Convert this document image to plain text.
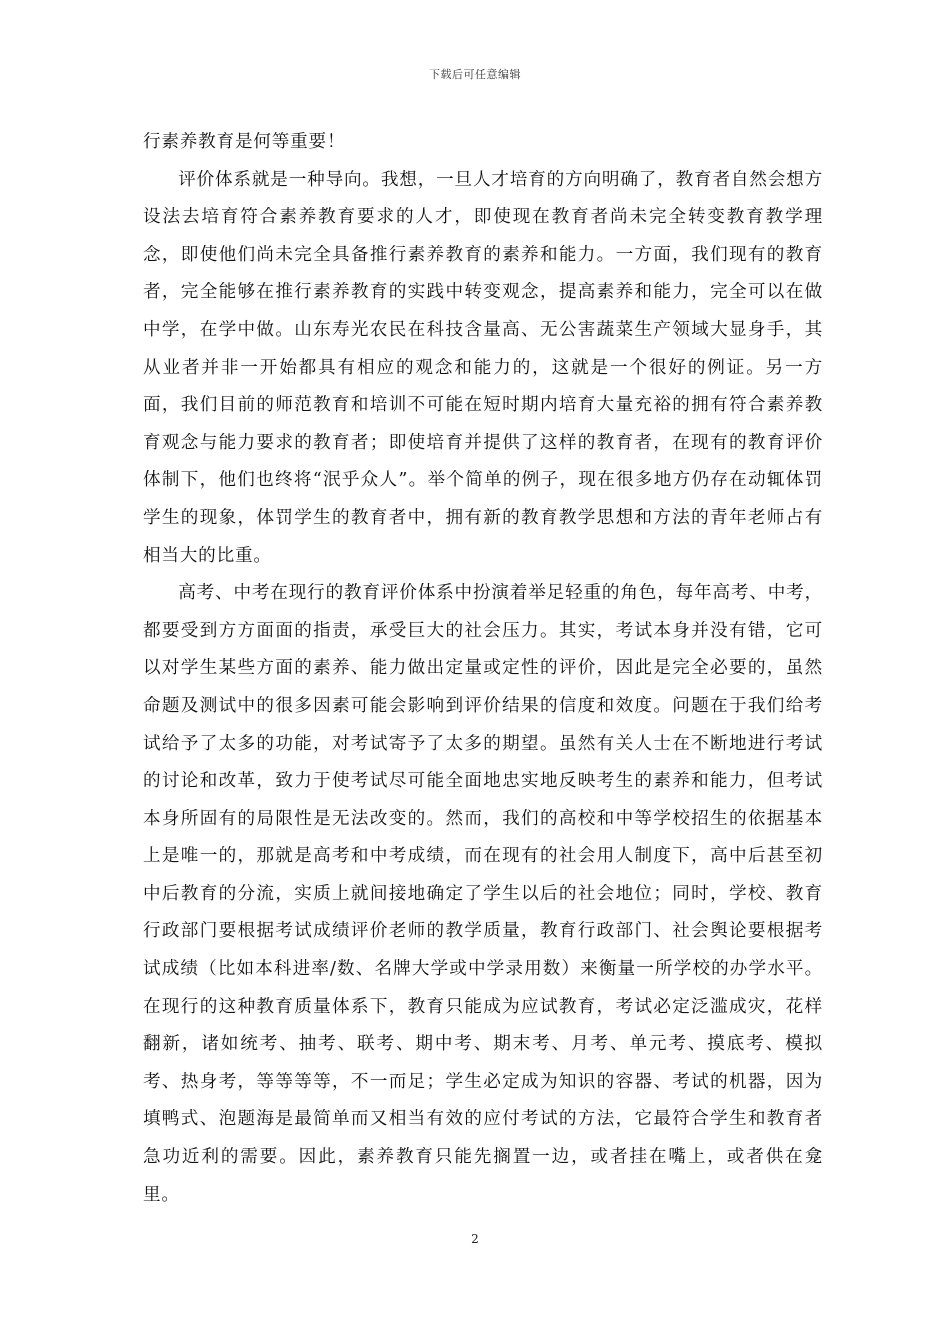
下载后可任意编辑

行素养教育是何等重要！

评价体系就是一种导向。我想，一旦人才培育的方向明确了，教育者自然会想方设法去培育符合素养教育要求的人才，即使现在教育者尚未完全转变教育教学理念，即使他们尚未完全具备推行素养教育的素养和能力。一方面，我们现有的教育者，完全能够在推行素养教育的实践中转变观念，提高素养和能力，完全可以在做中学，在学中做。山东寿光农民在科技含量高、无公害蔬菜生产领域大显身手，其从业者并非一开始都具有相应的观念和能力的，这就是一个很好的例证。另一方面，我们目前的师范教育和培训不可能在短时期内培育大量充裕的拥有符合素养教育观念与能力要求的教育者；即使培育并提供了这样的教育者，在现有的教育评价体制下，他们也终将“泯乎众人”。举个简单的例子，现在很多地方仍存在动辄体罚学生的现象，体罚学生的教育者中，拥有新的教育教学思想和方法的青年老师占有相当大的比重。

高考、中考在现行的教育评价体系中扮演着举足轻重的角色，每年高考、中考，都要受到方方面面的指责，承受巨大的社会压力。其实，考试本身并没有错，它可以对学生某些方面的素养、能力做出定量或定性的评价，因此是完全必要的，虽然命题及测试中的很多因素可能会影响到评价结果的信度和效度。问题在于我们给考试给予了太多的功能，对考试寄予了太多的期望。虽然有关人士在不断地进行考试的讨论和改革，致力于使考试尽可能全面地忠实地反映考生的素养和能力，但考试本身所固有的局限性是无法改变的。然而，我们的高校和中等学校招生的依据基本上是唯一的，那就是高考和中考成绩，而在现有的社会用人制度下，高中后甚至初中后教育的分流，实质上就间接地确定了学生以后的社会地位；同时，学校、教育行政部门要根据考试成绩评价老师的教学质量，教育行政部门、社会舆论要根据考试成绩（比如本科进率/数、名牌大学或中学录用数）来衡量一所学校的办学水平。在现行的这种教育质量体系下，教育只能成为应试教育，考试必定泛滥成灾，花样翻新，诸如统考、抽考、联考、期中考、期末考、月考、单元考、摸底考、模拟考、热身考，等等等等，不一而足；学生必定成为知识的容器、考试的机器，因为填鸭式、泡题海是最简单而又相当有效的应付考试的方法，它最符合学生和教育者急功近利的需要。因此，素养教育只能先搁置一边，或者挂在嘴上，或者供在龛里。

2
